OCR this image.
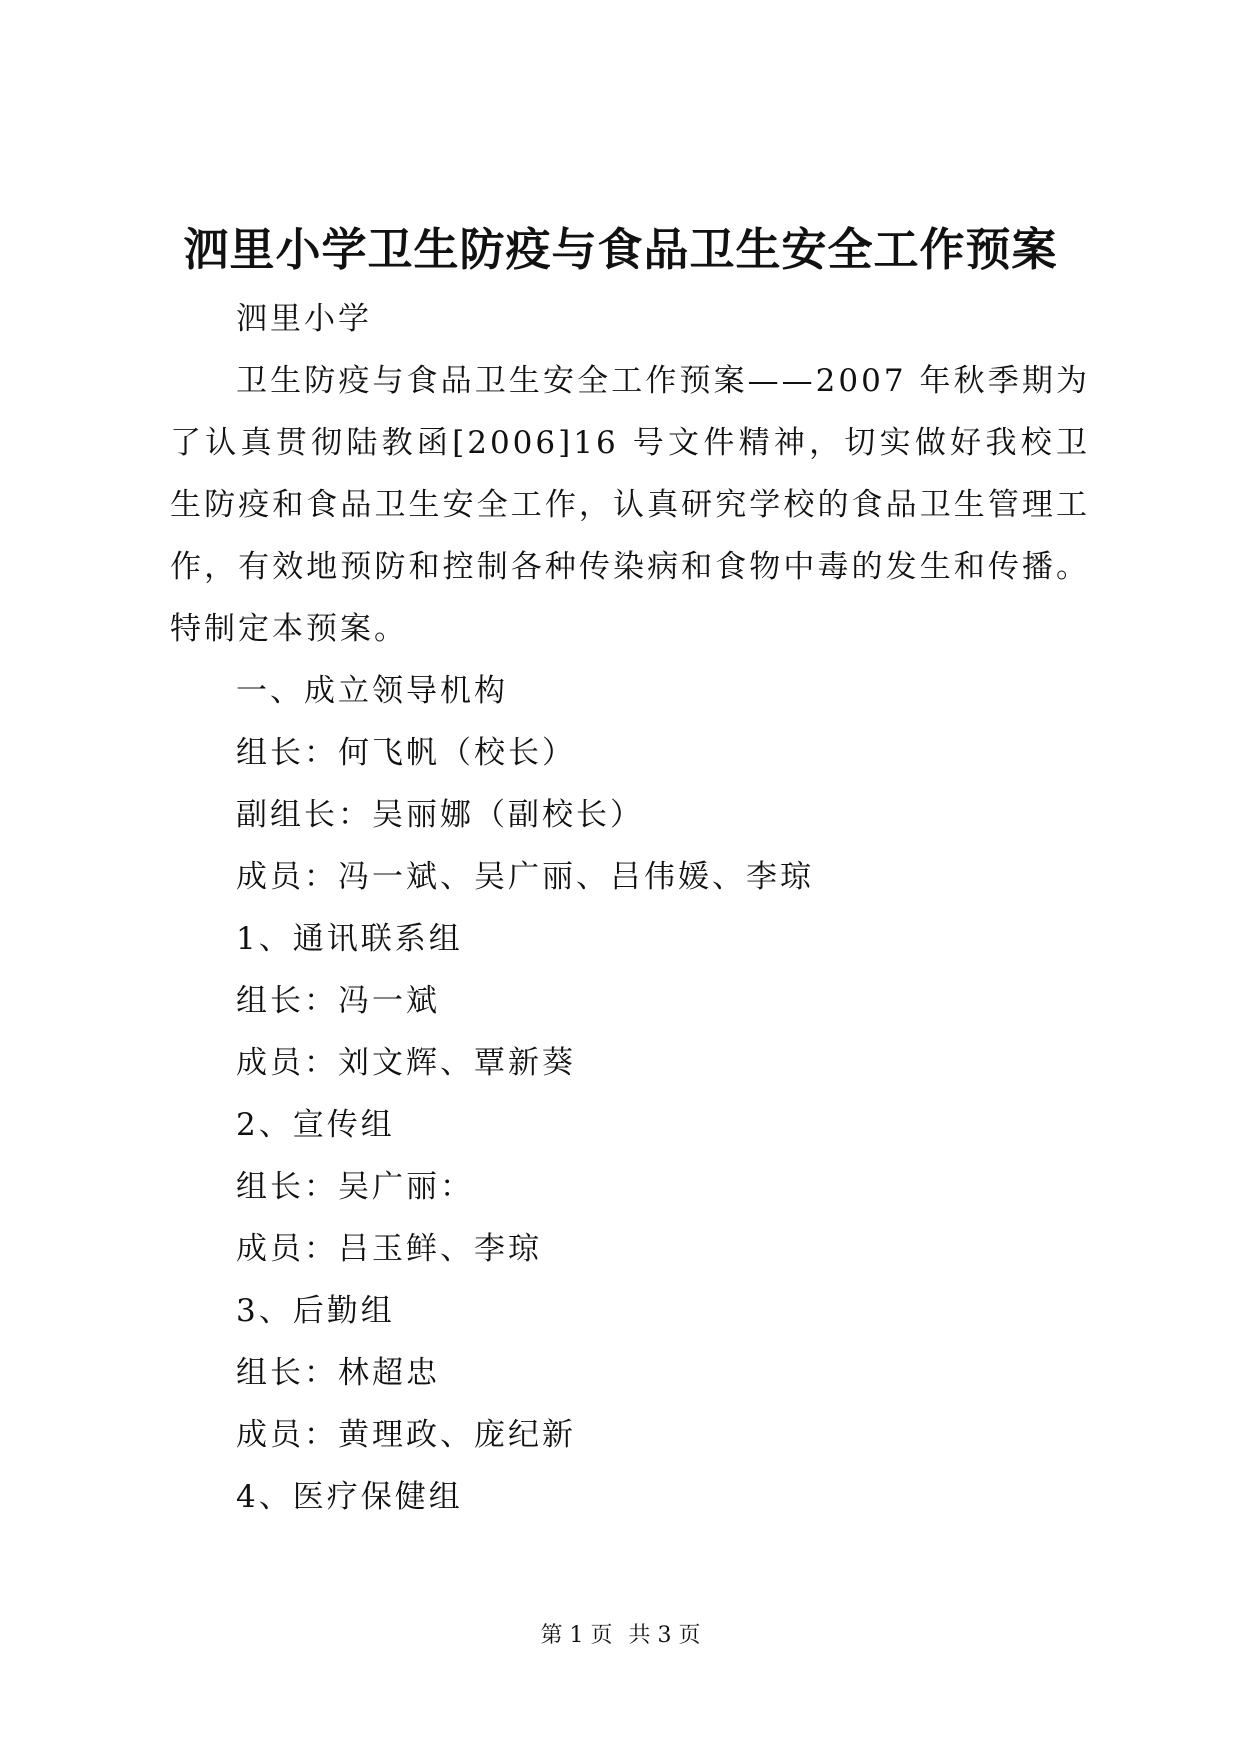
泗里小学卫生防疫与食品卫生安全工作预案

泗里小学

卫生防疫与食品卫生安全工作预案——2007 年秋季期为了认真贯彻陆教函[2006]16 号文件精神，切实做好我校卫生防疫和食品卫生安全工作，认真研究学校的食品卫生管理工作，有效地预防和控制各种传染病和食物中毒的发生和传播。特制定本预案。

一、成立领导机构

组长：何飞帆（校长）

副组长：吴丽娜（副校长）

成员：冯一斌、吴广丽、吕伟媛、李琼

1、通讯联系组

组长：冯一斌

成员：刘文辉、覃新葵

2、宣传组

组长：吴广丽：

成员：吕玉鲜、李琼

3、后勤组

组长：林超忠

成员：黄理政、庞纪新

4、医疗保健组

第 1 页 共 3 页
